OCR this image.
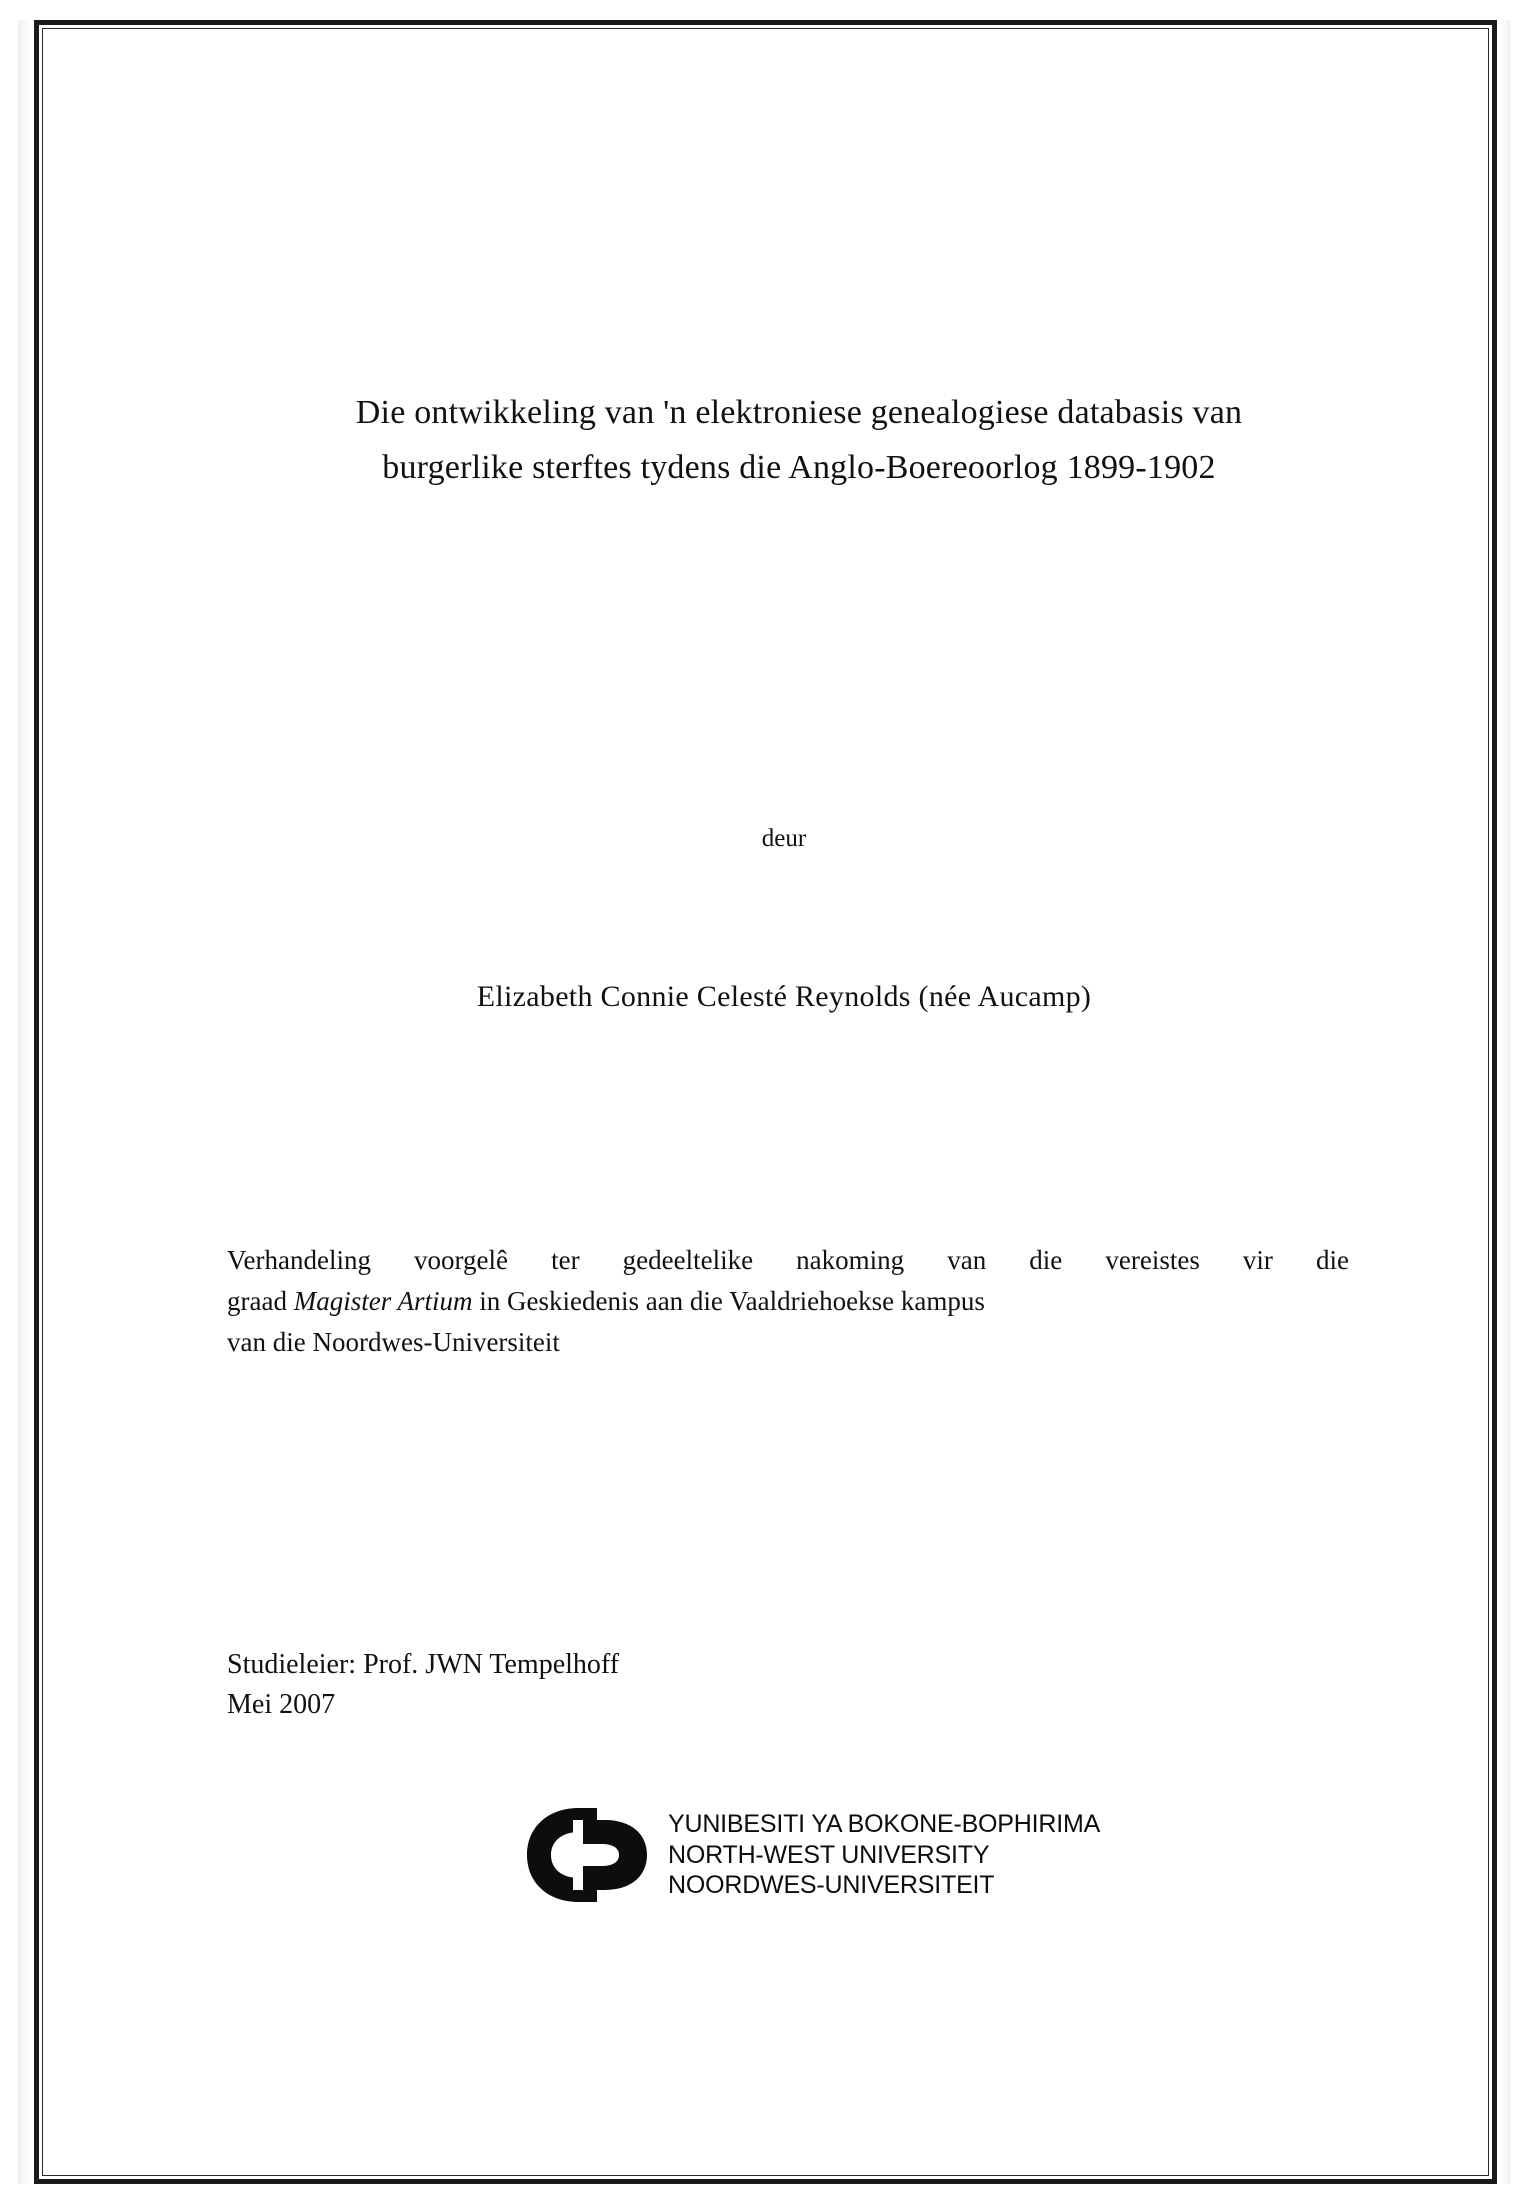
Die ontwikkeling van 'n elektroniese genealogiese databasis van
burgerlike sterftes tydens die Anglo-Boereoorlog 1899-1902
deur
Elizabeth Connie Celesté Reynolds (née Aucamp)

Verhandeling voorgelê ter gedeeltelike nakoming van die vereistes vir die

graad Magister Artium in Geskiedenis aan die Vaaldriehoekse kampus

van die Noordwes-Universiteit

Studieleier: Prof. JWN Tempelhoff
Mei 2007
YUNIBESITI YA BOKONE-BOPHIRIMA
NORTH-WEST UNIVERSITY
NOORDWES-UNIVERSITEIT
